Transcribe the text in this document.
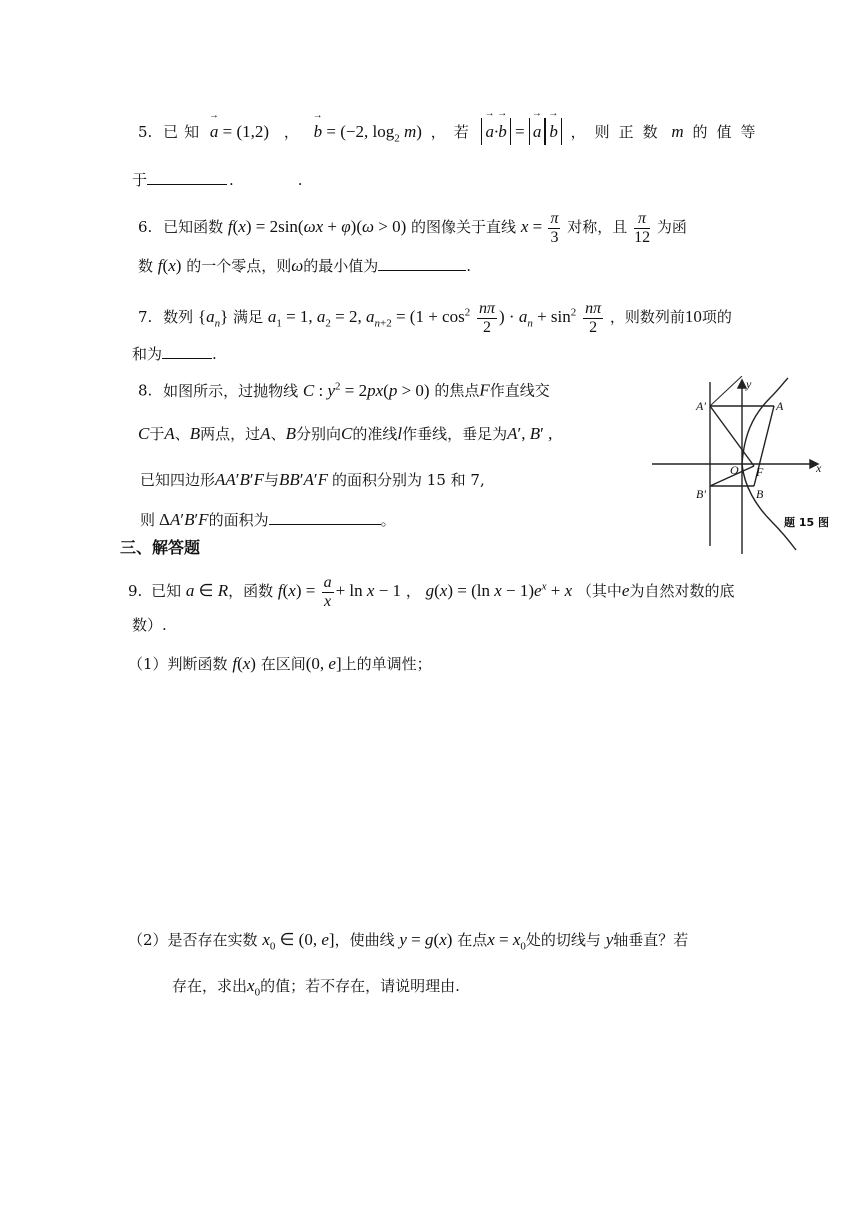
5. 已知 → a = (1,2) ， → b = (−2, $\log_2 m$) ，若 → a·→ b = → a → b ，则正数 m 的值等
于	.	.
6. 已知函数 f(x) = 2sin(ωx + φ)(ω > 0) 的图像关于直线 $x = \frac{\pi}{3}$ 对称，且 $\frac{\pi}{12}$ 为函
数 f(x) 的一个零点，则ω的最小值为	.
7. 数列 $\{a_n\}$ 满足 $a_1 = 1$, $a_2 = 2$, $a_{n+2} = (1 + \cos^2 \frac{n\pi}{2}$ ) · $a_n + \sin^2 \frac{n\pi}{2}$ ，则数列前10项的
和为	.
8. 如图所示，过抛物线 C : $y^2 = 2px(p > 0)$ 的焦点F作直线交
C于A、B两点，过A、B分别向C的准线l作垂线，垂足为A′, B′ ,
已知四边形AA′B′F与BB′A′F 的面积分别为 15 和 7,
则 ΔA′B′F的面积为	。
y
x
A'	A
O F
B'	B
题 15 图
三、解答题
9. 已知 a ∈ R，函数 $f(x) = \frac{a}{x} + \ln x - 1$ ， g(x) = (ln $x - 1)e^x + x$ （其中e为自然对数的底
数）.
（1）判断函数 f(x) 在区间(0, e]上的单调性；
（2）是否存在实数 $x_0$ ∈ (0, e]，使曲线 y = g(x) 在点$x = x_0$处的切线与 y轴垂直？若
存在，求出$x_0$的值；若不存在，请说明理由.
